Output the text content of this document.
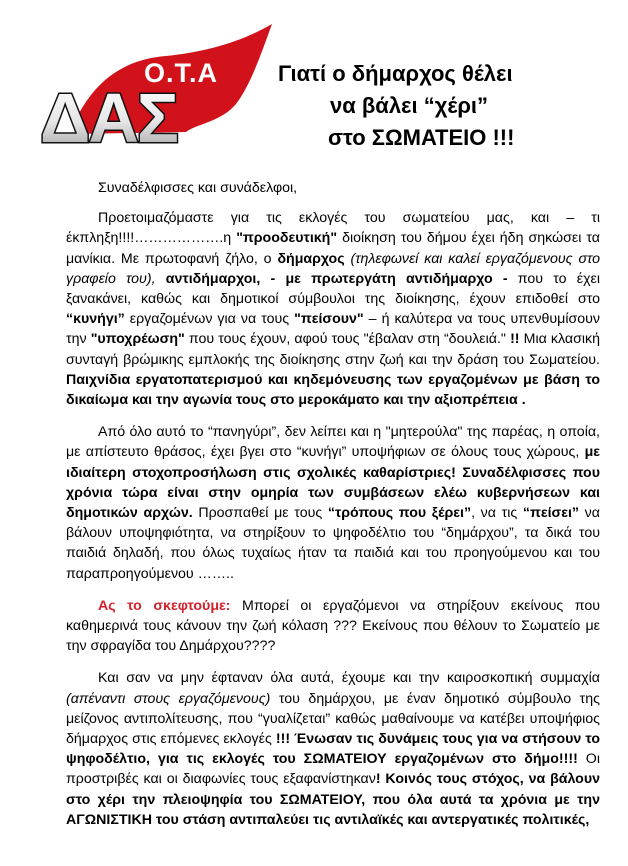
Ο.Τ.Α
ΔΑΣ
Γιατί ο δήμαρχος θέλει
να βάλει “χέρι”
στο ΣΩΜΑΤΕΙΟ !!!

Συναδέλφισσες και συνάδελφοι,

Προετοιμαζόμαστε για τις εκλογές του σωματείου μας, και – τι έκπληξη!!!!……………….η "προοδευτική" διοίκηση του δήμου έχει ήδη σηκώσει τα μανίκια. Με πρωτοφανή ζήλο, ο δήμαρχος (τηλεφωνεί και καλεί εργαζόμενους στο γραφείο του), αντιδήμαρχοι, - με πρωτεργάτη αντιδήμαρχο - που το έχει ξανακάνει, καθώς και δημοτικοί σύμβουλοι της διοίκησης, έχουν επιδοθεί στο “κυνήγι” εργαζομένων για να τους "πείσουν" – ή καλύτερα να τους υπενθυμίσουν την "υποχρέωση" που τους έχουν, αφού τους "έβαλαν στη “δουλειά." !! Μια κλασική συνταγή βρώμικης εμπλοκής της διοίκησης στην ζωή και την δράση του Σωματείου. Παιχνίδια εργατοπατερισμού και κηδεμόνευσης των εργαζομένων με βάση το δικαίωμα και την αγωνία τους στο μεροκάματο και την αξιοπρέπεια .

Από όλο αυτό το “πανηγύρι”, δεν λείπει και η "μητερούλα" της παρέας, η οποία, με απίστευτο θράσος, έχει βγει στο “κυνήγι” υποψήφιων σε όλους τους χώρους, με ιδιαίτερη στοχοπροσήλωση στις σχολικές καθαρίστριες! Συναδέλφισσες που χρόνια τώρα είναι στην ομηρία των συμβάσεων ελέω κυβερνήσεων και δημοτικών αρχών. Προσπαθεί με τους “τρόπους που ξέρει”, να τις “πείσει” να βάλουν υποψηφιότητα, να στηρίξουν το ψηφοδέλτιο του “δημάρχου”, τα δικά του παιδιά δηλαδή, που όλως τυχαίως ήταν τα παιδιά και του προηγούμενου και του παραπροηγούμενου ……..

Ας το σκεφτούμε: Μπορεί οι εργαζόμενοι να στηρίξουν εκείνους που καθημερινά τους κάνουν την ζωή κόλαση ??? Εκείνους που θέλουν το Σωματείο με την σφραγίδα του Δημάρχου????

Και σαν να μην έφταναν όλα αυτά, έχουμε και την καιροσκοπική συμμαχία (απέναντι στους εργαζόμενους) του δημάρχου, με έναν δημοτικό σύμβουλο της μείζονος αντιπολίτευσης, που “γυαλίζεται” καθώς μαθαίνουμε να κατέβει υποψήφιος δήμαρχος στις επόμενες εκλογές !!! Ένωσαν τις δυνάμεις τους για να στήσουν το ψηφοδέλτιο, για τις εκλογές του ΣΩΜΑΤΕΙΟΥ εργαζομένων στο δήμο!!!! Οι προστριβές και οι διαφωνίες τους εξαφανίστηκαν! Κοινός τους στόχος, να βάλουν στο χέρι την πλειοψηφία του ΣΩΜΑΤΕΙΟΥ, που όλα αυτά τα χρόνια με την ΑΓΩΝΙΣΤΙΚΗ του στάση αντιπαλεύει τις αντιλαϊκές και αντεργατικές πολιτικές,
